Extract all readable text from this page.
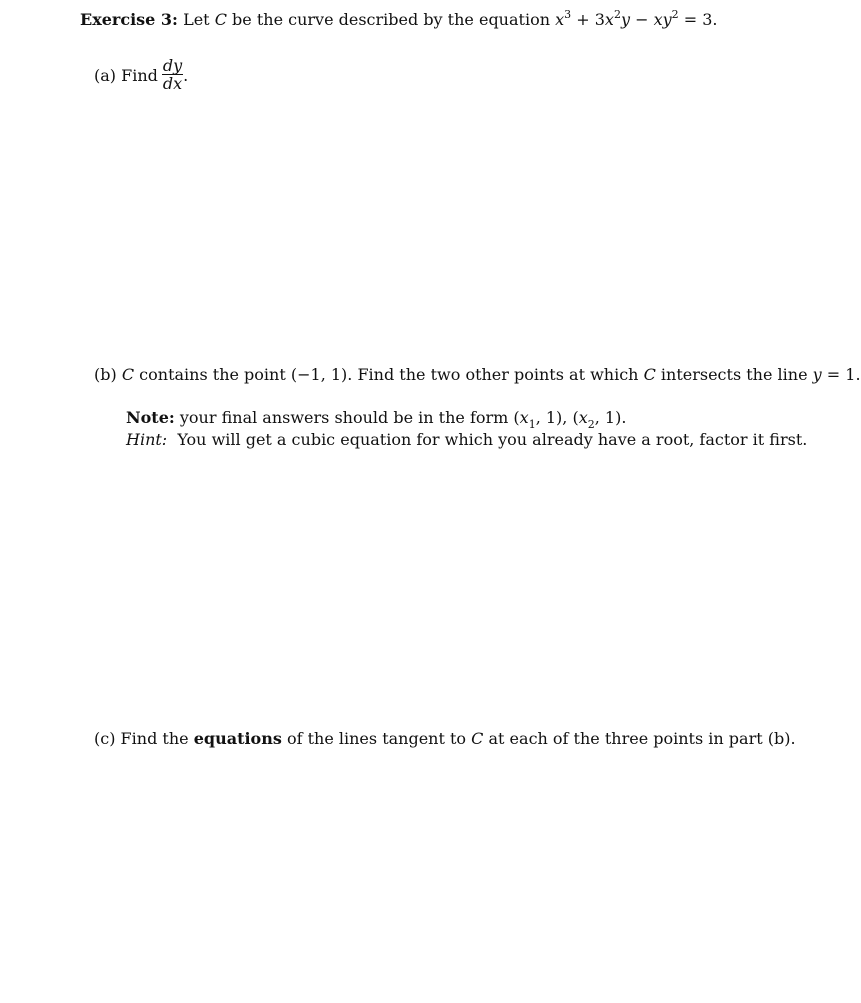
Exercise 3: Let C be the curve described by the equation $x^3 + 3x^2y - xy^2 = 3$.
(a) Find $\frac{dy}{dx}$ .
(b) C contains the point (−1, 1). Find the two other points at which C intersects the line y = 1.
Note: your final answers should be in the form ($x_1$, 1), ($x_2$, 1).
Hint: You will get a cubic equation for which you already have a root, factor it first.
(c) Find the equations of the lines tangent to C at each of the three points in part (b).
